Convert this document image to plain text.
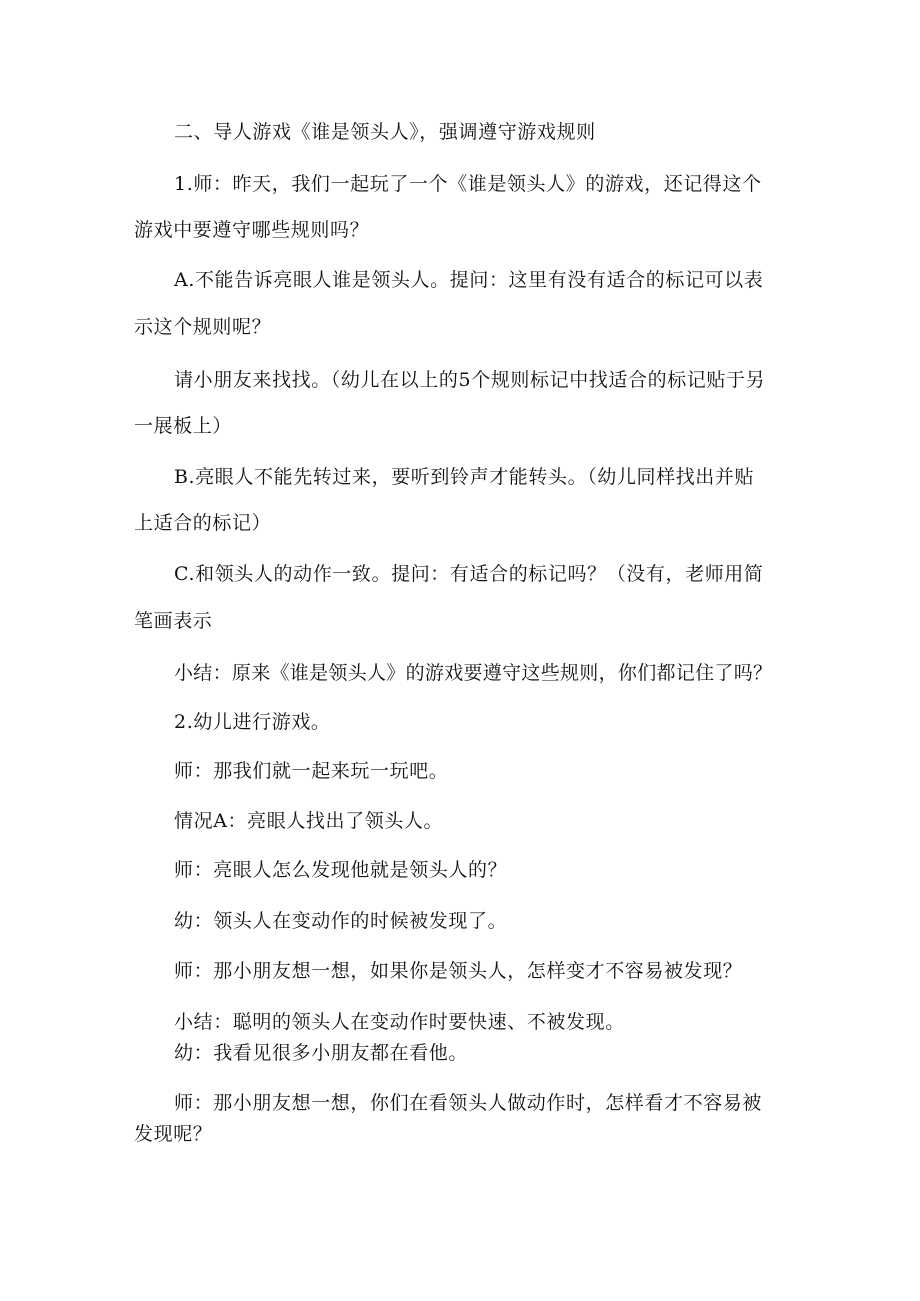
二、导人游戏《谁是领头人》，强调遵守游戏规则
1.师：昨天，我们一起玩了一个《谁是领头人》的游戏，还记得这个
游戏中要遵守哪些规则吗？
A.不能告诉亮眼人谁是领头人。提问：这里有没有适合的标记可以表
示这个规则呢？
请小朋友来找找。（幼儿在以上的5个规则标记中找适合的标记贴于另
一展板上）
B.亮眼人不能先转过来，要听到铃声才能转头。（幼儿同样找出并贴
上适合的标记）
C.和领头人的动作一致。提问：有适合的标记吗？（没有，老师用简
笔画表示
小结：原来《谁是领头人》的游戏要遵守这些规则，你们都记住了吗？
2.幼儿进行游戏。
师：那我们就一起来玩一玩吧。
情况A：亮眼人找出了领头人。
师：亮眼人怎么发现他就是领头人的？
幼：领头人在变动作的时候被发现了。
师：那小朋友想一想，如果你是领头人，怎样变才不容易被发现？
小结：聪明的领头人在变动作时要快速、不被发现。
幼：我看见很多小朋友都在看他。
师：那小朋友想一想，你们在看领头人做动作时，怎样看才不容易被
发现呢？
